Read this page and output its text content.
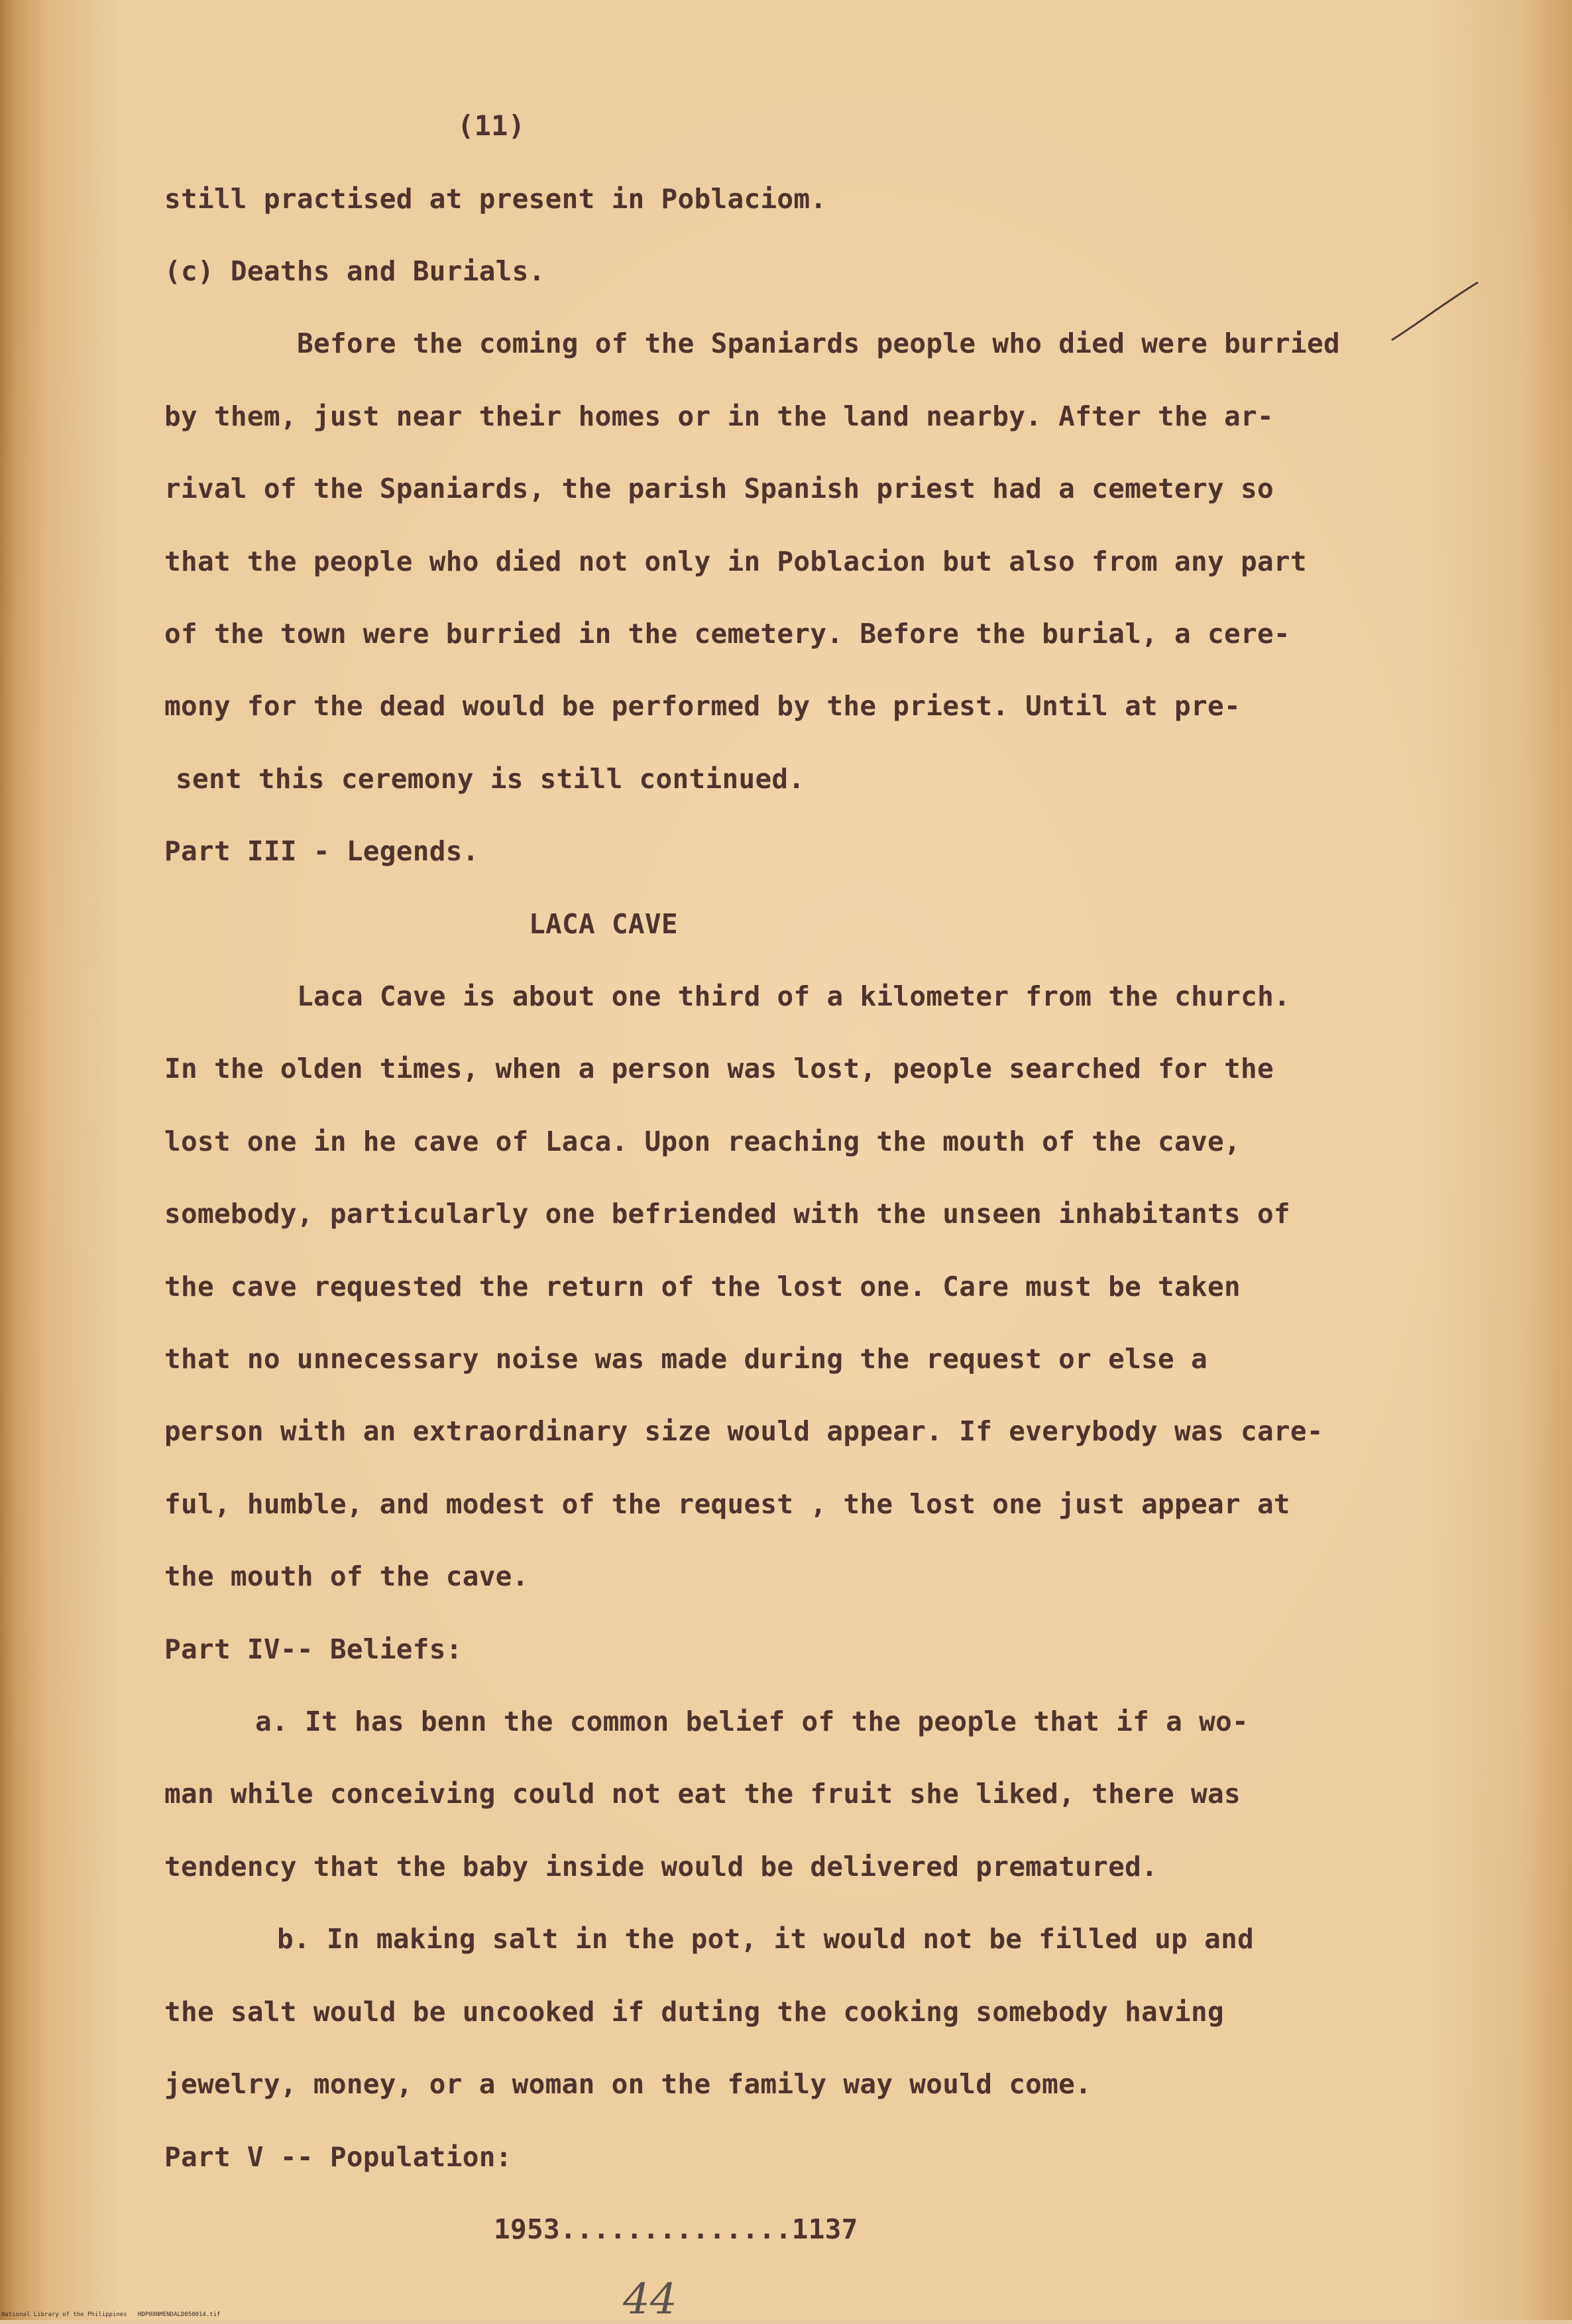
(11)
still practised at present in Poblaciom.
(c) Deaths and Burials.
Before the coming of the Spaniards people who died were burried
by them, just near their homes or in the land nearby. After the ar-
rival of the Spaniards, the parish Spanish priest had a cemetery so
that the people who died not only in Poblacion but also from any part
of the town were burried in the cemetery. Before the burial, a cere-
mony for the dead would be performed by the priest. Until at pre-
sent this ceremony is still continued.
Part III - Legends.
LACA CAVE
Laca Cave is about one third of a kilometer from the church.
In the olden times, when a person was lost, people searched for the
lost one in he cave of Laca. Upon reaching the mouth of the cave,
somebody, particularly one befriended with the unseen inhabitants of
the cave requested the return of the lost one. Care must be taken
that no unnecessary noise was made during the request or else a
person with an extraordinary size would appear. If everybody was care-
ful, humble, and modest of the request , the lost one just appear at
the mouth of the cave.
Part IV-- Beliefs:
a. It has benn the common belief of the people that if a wo-
man while conceiving could not eat the fruit she liked, there was
tendency that the baby inside would be delivered prematured.
b. In making salt in the pot, it would not be filled up and
the salt would be uncooked if duting the cooking somebody having
jewelry, money, or a woman on the family way would come.
Part V -- Population:
1953..............1137
44
National Library of the Philippines   HDP08NMENDALD050014.tif
